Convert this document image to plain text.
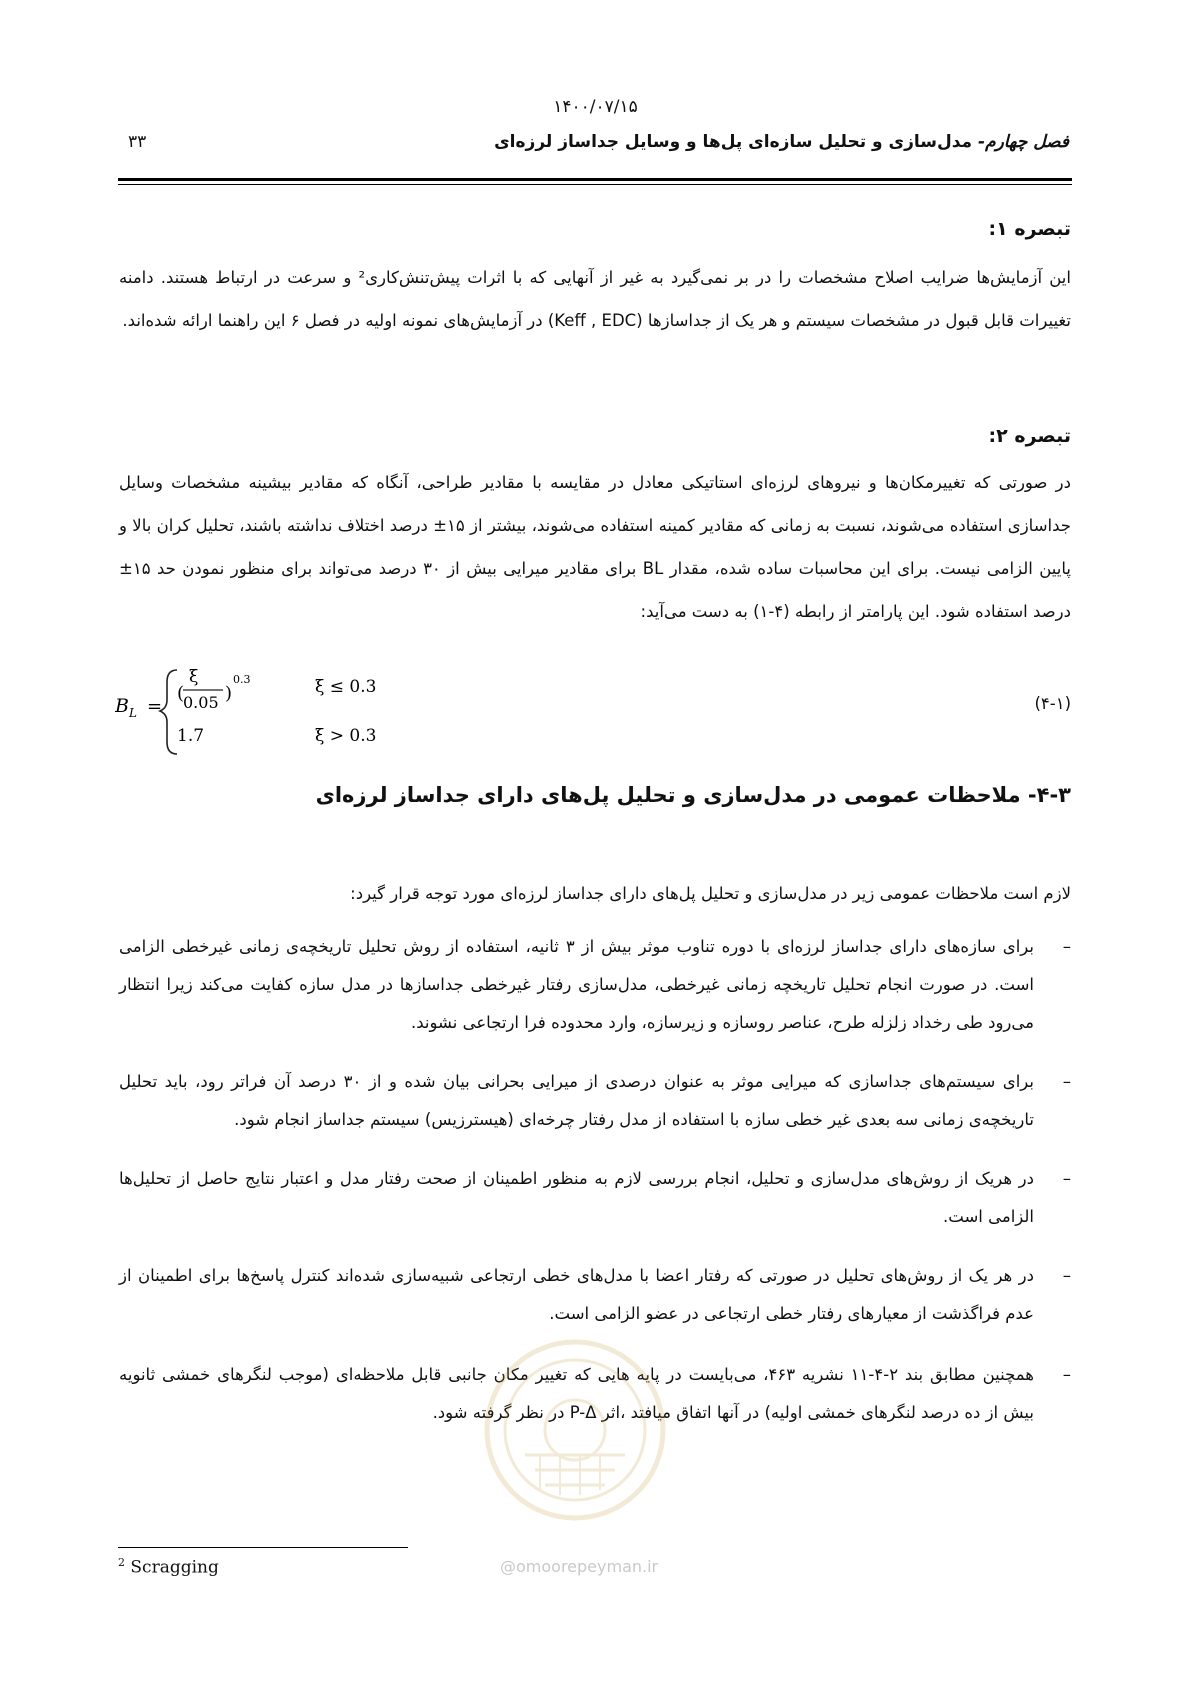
۱۴۰۰/۰۷/۱۵
فصل چهارم- مدل‌سازی و تحلیل سازه‌ای پل‌ها و وسایل جداساز لرزه‌ای
۳۳
تبصره ۱:
این آزمایش‌ها ضرایب اصلاح مشخصات را در بر نمی‌گیرد به غیر از آنهایی که با اثرات پیش‌تنش‌کاری² و سرعت در ارتباط هستند. دامنه تغییرات قابل قبول در مشخصات سیستم و هر یک از جداسازها (Keff , EDC) در آزمایش‌های نمونه اولیه در فصل ۶ این راهنما ارائه شده‌اند.
تبصره ۲:
در صورتی که تغییرمکان‌ها و نیروهای لرزه‌ای استاتیکی معادل در مقایسه با مقادیر طراحی، آنگاه که مقادیر بیشینه مشخصات وسایل جداسازی استفاده می‌شوند، نسبت به زمانی که مقادیر کمینه استفاده می‌شوند، بیشتر از ۱۵± درصد اختلاف نداشته باشند، تحلیل کران بالا و پایین الزامی نیست. برای این محاسبات ساده شده، مقدار BL برای مقادیر میرایی بیش از ۳۰ درصد می‌تواند برای منظور نمودن حد ۱۵± درصد استفاده شود. این پارامتر از رابطه (۴-۱) به دست می‌آید:
$B_L$ =
(
ξ
0.05 )
0.3	ξ ≤ 0.3
1.7	ξ > 0.3
(۴-۱)
۴-۳- ملاحظات عمومی در مدل‌سازی و تحلیل پل‌های دارای جداساز لرزه‌ای
لازم است ملاحظات عمومی زیر در مدل‌سازی و تحلیل پل‌های دارای جداساز لرزه‌ای مورد توجه قرار گیرد:
–
برای سازه‌های دارای جداساز لرزه‌ای با دوره تناوب موثر بیش از ۳ ثانیه، استفاده از روش تحلیل تاریخچه‌ی زمانی غیرخطی الزامی است. در صورت انجام تحلیل تاریخچه زمانی غیرخطی، مدل‌سازی رفتار غیرخطی جداسازها در مدل سازه کفایت می‌کند زیرا انتظار می‌رود طی رخداد زلزله طرح، عناصر روسازه و زیرسازه، وارد محدوده فرا ارتجاعی نشوند.
–
برای سیستم‌های جداسازی که میرایی موثر به عنوان درصدی از میرایی بحرانی بیان شده و از ۳۰ درصد آن فراتر رود، باید تحلیل تاریخچه‌ی زمانی سه بعدی غیر خطی سازه با استفاده از مدل رفتار چرخه‌ای (هیسترزیس) سیستم جداساز انجام شود.
–
در هریک از روش‌های مدل‌سازی و تحلیل، انجام بررسی لازم به منظور اطمینان از صحت رفتار مدل و اعتبار نتایج حاصل از تحلیل‌ها الزامی است.
–
در هر یک از روش‌های تحلیل در صورتی که رفتار اعضا با مدل‌های خطی ارتجاعی شبیه‌سازی شده‌اند کنترل پاسخ‌ها برای اطمینان از عدم فراگذشت از معیارهای رفتار خطی ارتجاعی در عضو الزامی است.
–
همچنین مطابق بند ۲-۴-۱۱ نشریه ۴۶۳، می‌بایست در پایه هایی که تغییر مکان جانبی قابل ملاحظه‌ای (موجب لنگرهای خمشی ثانویه بیش از ده درصد لنگرهای خمشی اولیه) در آنها اتفاق میافتد ،اثر P-Δ در نظر گرفته شود.
@omoorepeyman.ir
$^2$ Scragging
